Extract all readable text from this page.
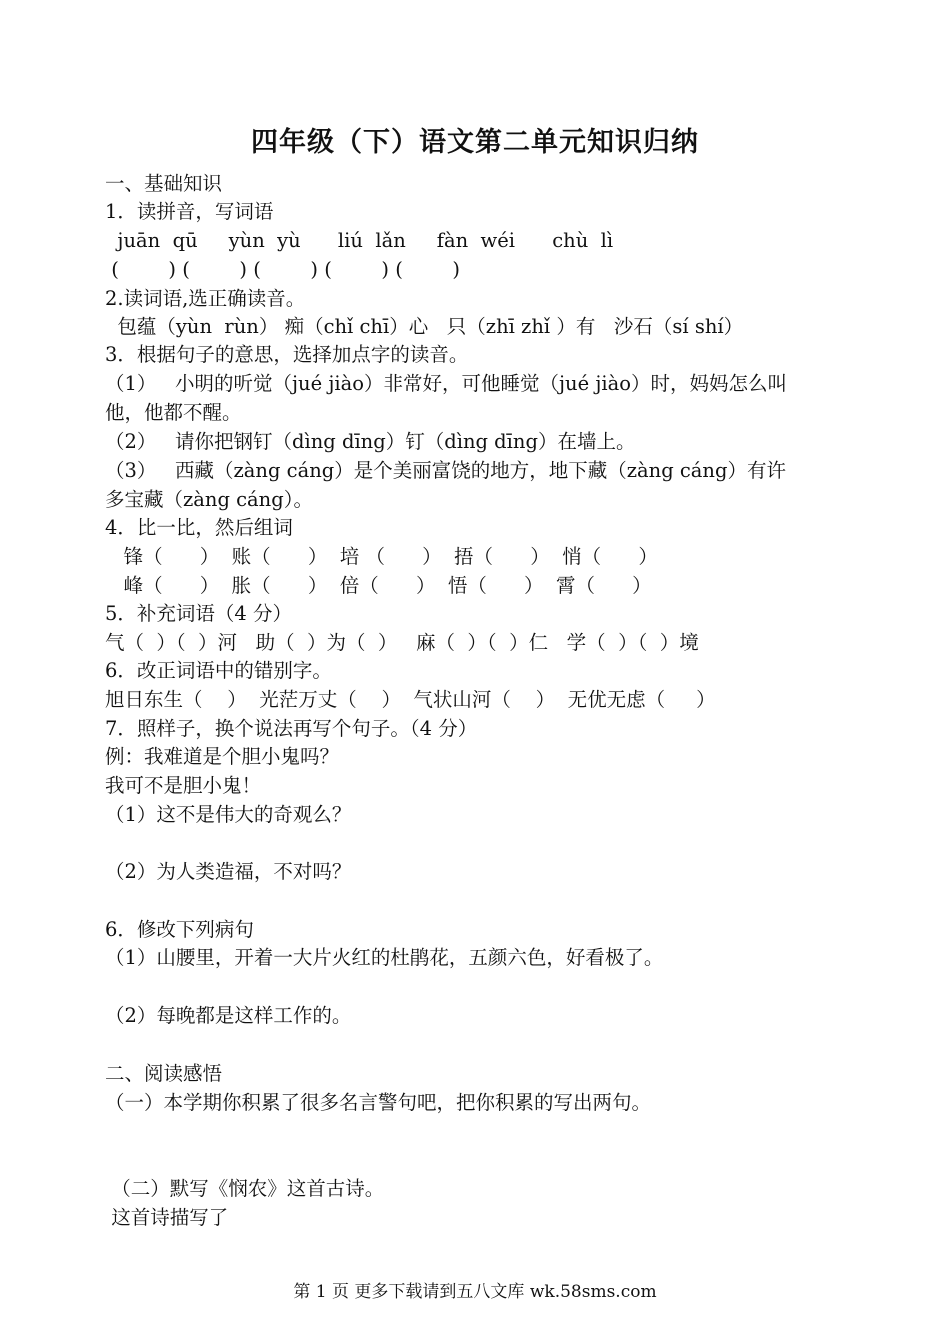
四年级（下）语文第二单元知识归纳
一、基础知识
1．读拼音，写词语
juān  qū     yùn  yù      liú  lǎn     fàn  wéi      chù  lì
(        ) (        ) (        ) (        ) (        )
2.读词语,选正确读音。
包蕴（yùn  rùn） 痴（chǐ chī）心   只（zhī zhǐ ）有   沙石（sí shí）
3．根据句子的意思，选择加点字的读音。
（1）   小明的听觉（jué jiào）非常好，可他睡觉（jué jiào）时，妈妈怎么叫
他，他都不醒。
（2）   请你把钢钉（dìng dīng）钉（dìng dīng）在墙上。
（3）   西藏（zàng cáng）是个美丽富饶的地方，地下藏（zàng cáng）有许
多宝藏（zàng cáng）。
4．比一比，然后组词
锋（      ）  账（      ）  培 （      ）  捂（      ）  悄（      ）
峰（      ）  胀（      ）  倍（      ）  悟（      ）  霄（      ）
5．补充词语（4 分）
气（  ）（  ）河   助（  ）为（  ）   麻（  ）（  ）仁   学（  ）（  ）境
6．改正词语中的错别字。
旭日东生（    ）  光茫万丈（    ）  气状山河（    ）  无优无虑（     ）
7．照样子，换个说法再写个句子。（4 分）
例：我难道是个胆小鬼吗？
我可不是胆小鬼！
（1）这不是伟大的奇观么？
（2）为人类造福，不对吗？
6．修改下列病句
（1）山腰里，开着一大片火红的杜鹃花，五颜六色，好看极了。
（2）每晚都是这样工作的。
二、阅读感悟
（一）本学期你积累了很多名言警句吧，把你积累的写出两句。
（二）默写《悯农》这首古诗。
这首诗描写了
第 1 页 更多下载请到五八文库 wk.58sms.com
